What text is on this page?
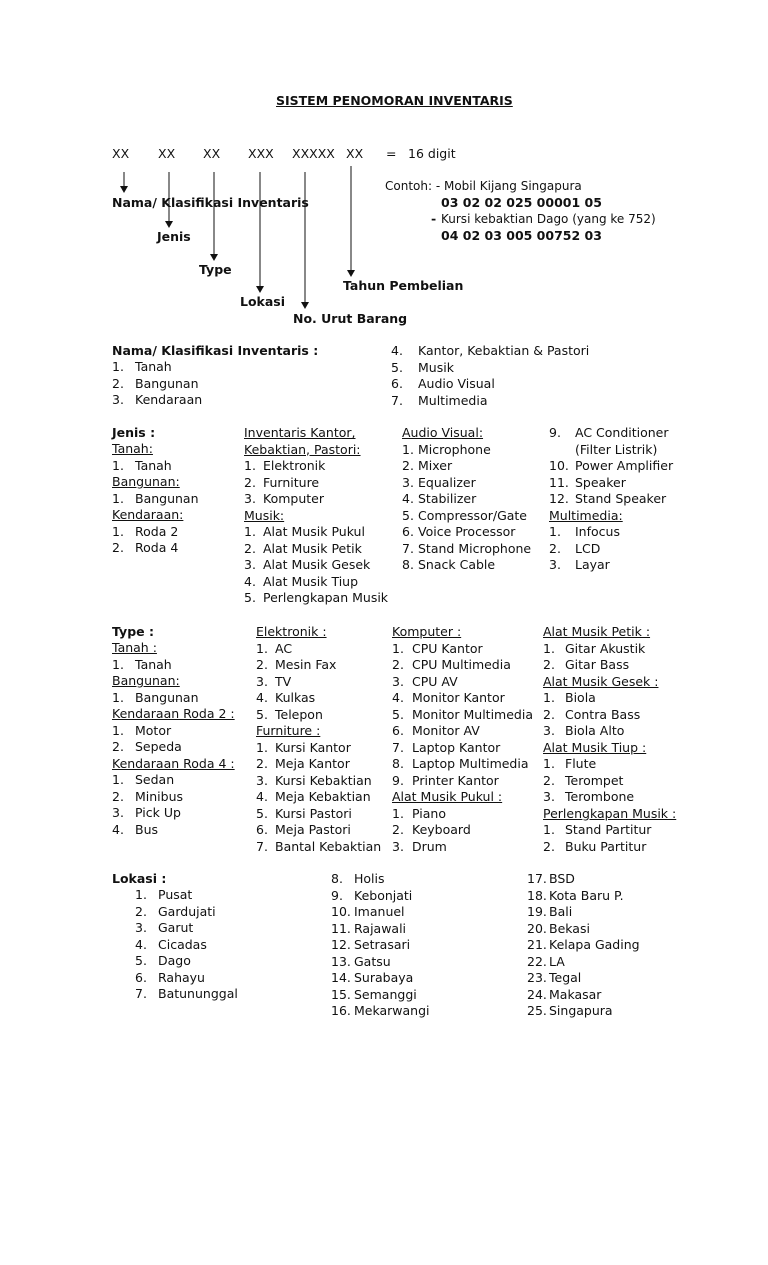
SISTEM PENOMORAN INVENTARIS
XX XX XX XXX XXXXX XX = 16 digit
Nama/ Klasifikasi Inventaris
Jenis
Type
Lokasi
No. Urut Barang
Tahun Pembelian
Contoh: - Mobil Kijang Singapura
03 02 02 025 00001 05
- Kursi kebaktian Dago (yang ke 752)
04 02 03 005 00752 03
Nama/ Klasifikasi Inventaris :
1. Tanah
2. Bangunan
3. Kendaraan
4. Kantor, Kebaktian & Pastori
5. Musik
6. Audio Visual
7. Multimedia
Jenis :
Tanah:
1. Tanah
Bangunan:
1. Bangunan
Kendaraan:
1. Roda 2
2. Roda 4
Inventaris Kantor,
Kebaktian, Pastori:
1. Elektronik
2. Furniture
3. Komputer
Musik:
1. Alat Musik Pukul
2. Alat Musik Petik
3. Alat Musik Gesek
4. Alat Musik Tiup
5. Perlengkapan Musik
Audio Visual:
1. Microphone
2. Mixer
3. Equalizer
4. Stabilizer
5. Compressor/Gate
6. Voice Processor
7. Stand Microphone
8. Snack Cable
9. AC Conditioner
(Filter Listrik)
10. Power Amplifier
11. Speaker
12. Stand Speaker
Multimedia:
1. Infocus
2. LCD
3. Layar
Type :
Tanah :
1. Tanah
Bangunan:
1. Bangunan
Kendaraan Roda 2 :
1. Motor
2. Sepeda
Kendaraan Roda 4 :
1. Sedan
2. Minibus
3. Pick Up
4. Bus
Elektronik :
1. AC
2. Mesin Fax
3. TV
4. Kulkas
5. Telepon
Furniture :
1. Kursi Kantor
2. Meja Kantor
3. Kursi Kebaktian
4. Meja Kebaktian
5. Kursi Pastori
6. Meja Pastori
7. Bantal Kebaktian
Komputer :
1. CPU Kantor
2. CPU Multimedia
3. CPU AV
4. Monitor Kantor
5. Monitor Multimedia
6. Monitor AV
7. Laptop Kantor
8. Laptop Multimedia
9. Printer Kantor
Alat Musik Pukul :
1. Piano
2. Keyboard
3. Drum
Alat Musik Petik :
1. Gitar Akustik
2. Gitar Bass
Alat Musik Gesek :
1. Biola
2. Contra Bass
3. Biola Alto
Alat Musik Tiup :
1. Flute
2. Terompet
3. Terombone
Perlengkapan Musik :
1. Stand Partitur
2. Buku Partitur
Lokasi :
1. Pusat
2. Gardujati
3. Garut
4. Cicadas
5. Dago
6. Rahayu
7. Batununggal
8. Holis
9. Kebonjati
10. Imanuel
11. Rajawali
12. Setrasari
13. Gatsu
14. Surabaya
15. Semanggi
16. Mekarwangi
17. BSD
18. Kota Baru P.
19. Bali
20. Bekasi
21. Kelapa Gading
22. LA
23. Tegal
24. Makasar
25. Singapura
